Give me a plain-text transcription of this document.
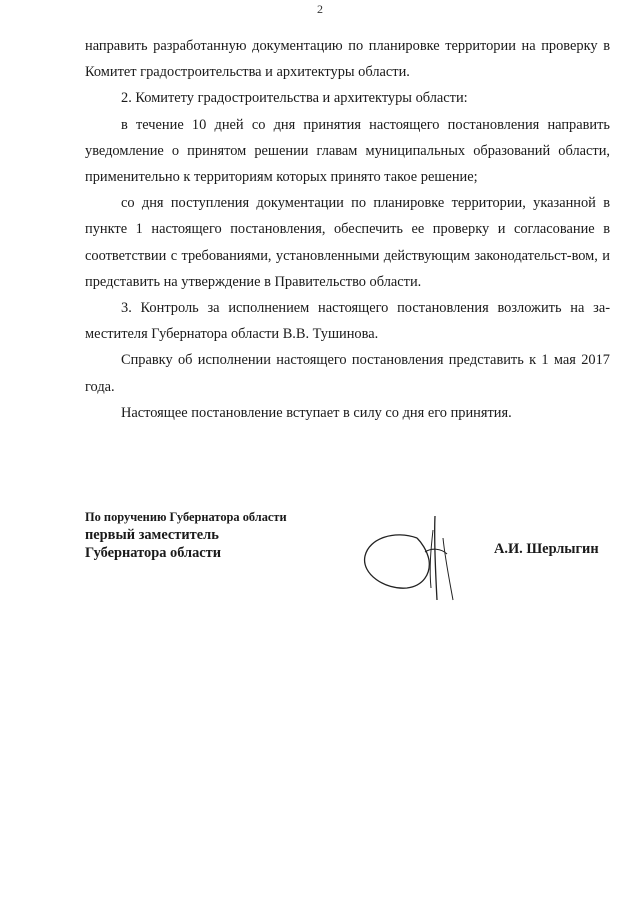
2

направить разработанную документацию по планировке территории на проверку в Комитет градостроительства и архитектуры области.

2. Комитету градостроительства и архитектуры области:

в течение 10 дней со дня принятия настоящего постановления направить уведомление о принятом решении главам муниципальных образований области, применительно к территориям которых принято такое решение;

со дня поступления документации по планировке территории, указанной в пункте 1 настоящего постановления, обеспечить ее проверку и согласование в соответствии с требованиями, установленными действующим законодательст-вом, и представить на утверждение в Правительство области.

3. Контроль за исполнением настоящего постановления возложить на за-местителя Губернатора области В.В. Тушинова.

Справку об исполнении настоящего постановления представить к 1 мая 2017 года.

Настоящее постановление вступает в силу со дня его принятия.

По поручению Губернатора области
первый заместитель
Губернатора области	А.И. Шерлыгин
